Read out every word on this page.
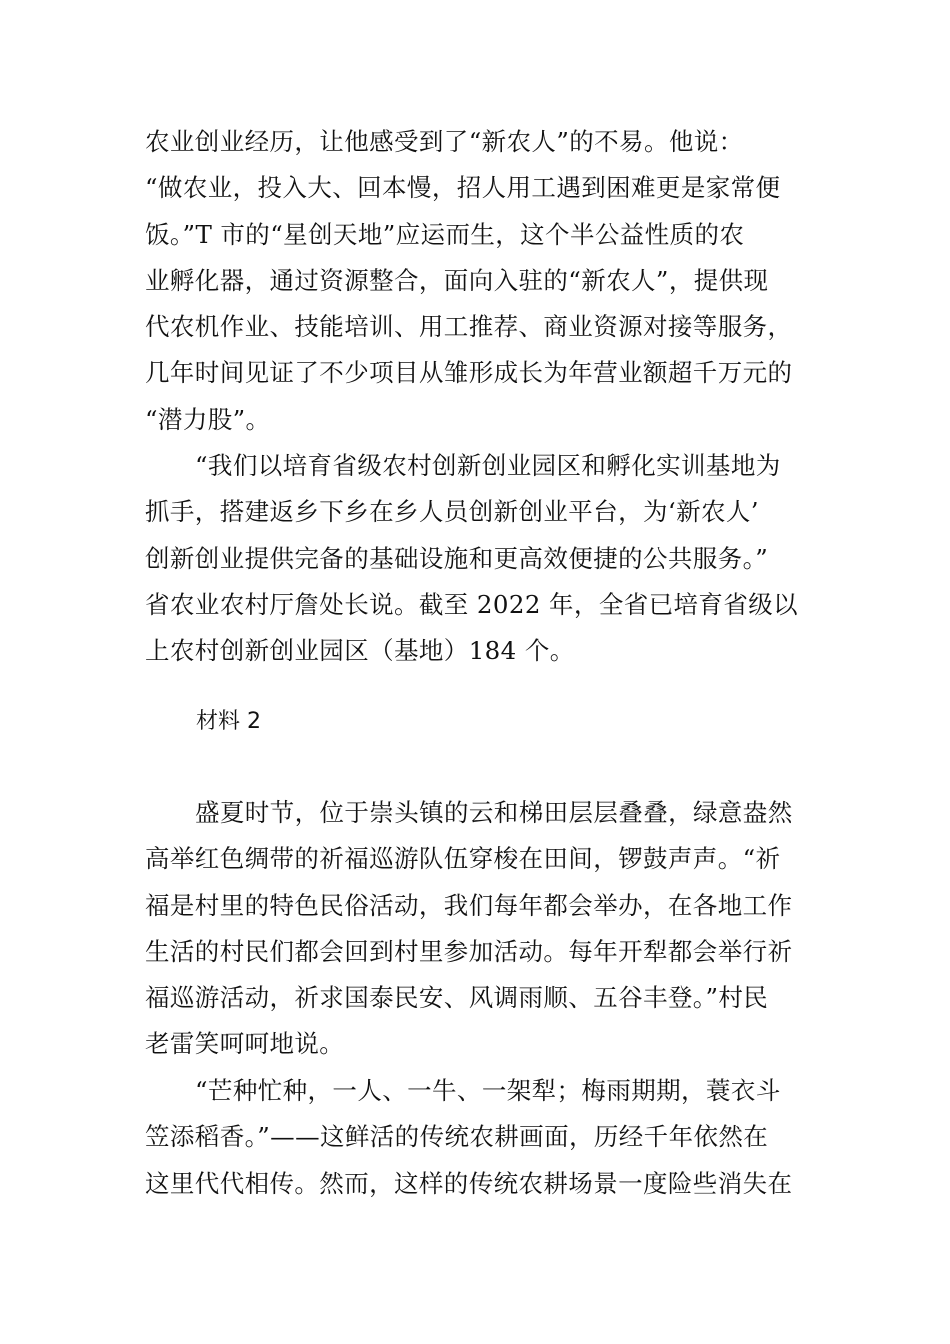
农业创业经历，让他感受到了“新农人”的不易。他说：
“做农业，投入大、回本慢，招人用工遇到困难更是家常便
饭。”T 市的“星创天地”应运而生，这个半公益性质的农
业孵化器，通过资源整合，面向入驻的“新农人”，提供现
代农机作业、技能培训、用工推荐、商业资源对接等服务，
几年时间见证了不少项目从雏形成长为年营业额超千万元的
“潜力股”。
“我们以培育省级农村创新创业园区和孵化实训基地为
抓手，搭建返乡下乡在乡人员创新创业平台，为‘新农人’
创新创业提供完备的基础设施和更高效便捷的公共服务。”
省农业农村厅詹处长说。截至 2022 年，全省已培育省级以
上农村创新创业园区（基地）184 个。
材料 2
盛夏时节，位于崇头镇的云和梯田层层叠叠，绿意盎然
高举红色绸带的祈福巡游队伍穿梭在田间，锣鼓声声。“祈
福是村里的特色民俗活动，我们每年都会举办，在各地工作
生活的村民们都会回到村里参加活动。每年开犁都会举行祈
福巡游活动，祈求国泰民安、风调雨顺、五谷丰登。”村民
老雷笑呵呵地说。
“芒种忙种，一人、一牛、一架犁；梅雨期期，蓑衣斗
笠添稻香。”——这鲜活的传统农耕画面，历经千年依然在
这里代代相传。然而，这样的传统农耕场景一度险些消失在
